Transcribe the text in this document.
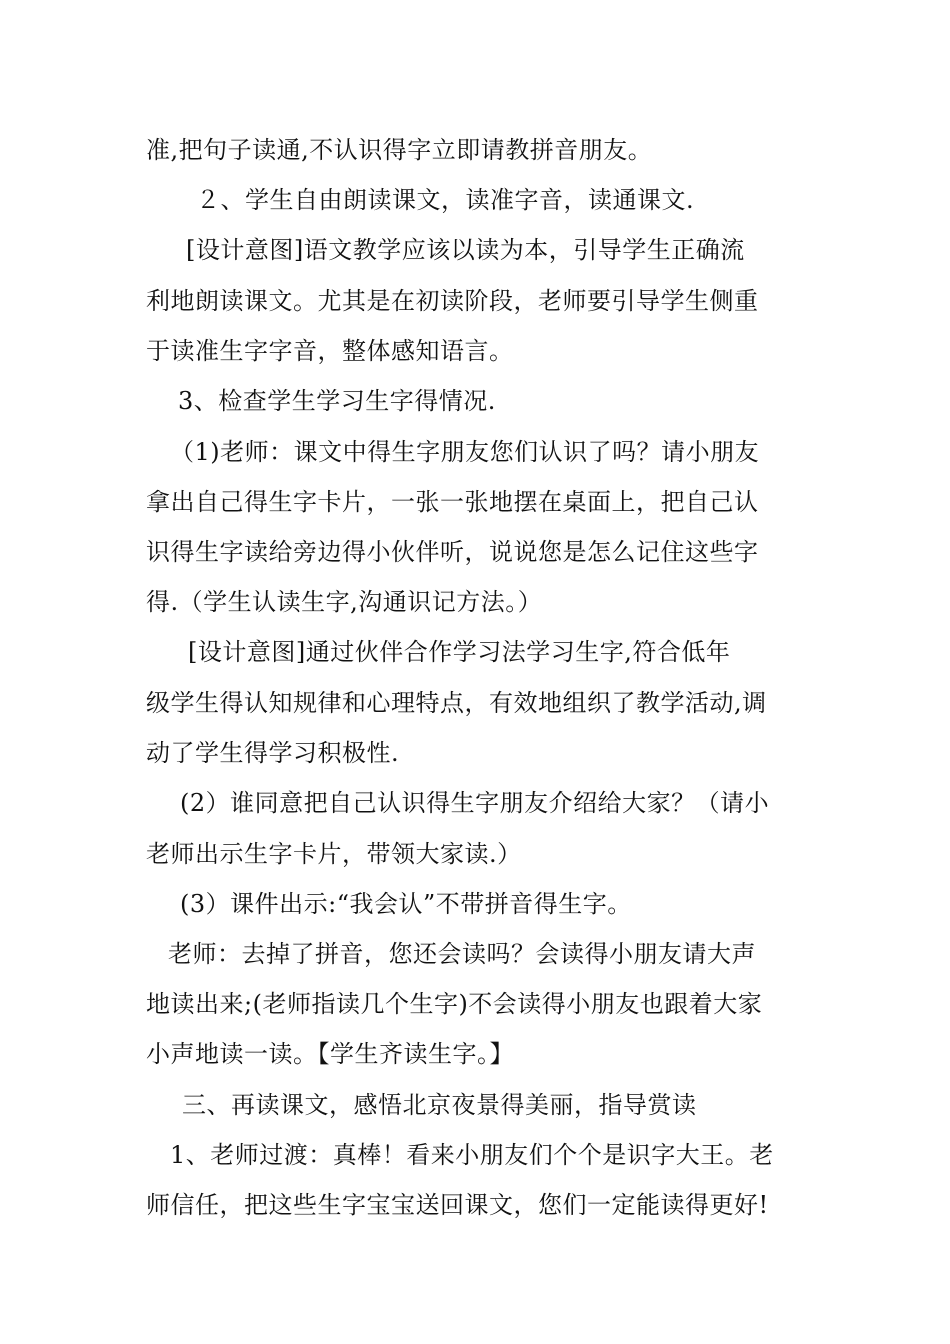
准,把句子读通,不认识得字立即请教拼音朋友。
２、学生自由朗读课文，读准字音，读通课文.
[设计意图]语文教学应该以读为本，引导学生正确流
利地朗读课文。尤其是在初读阶段，老师要引导学生侧重
于读准生字字音，整体感知语言。
3、检查学生学习生字得情况.
（1)老师：课文中得生字朋友您们认识了吗？请小朋友
拿出自己得生字卡片，一张一张地摆在桌面上，把自己认
识得生字读给旁边得小伙伴听，说说您是怎么记住这些字
得.（学生认读生字,沟通识记方法。）
[设计意图]通过伙伴合作学习法学习生字,符合低年
级学生得认知规律和心理特点，有效地组织了教学活动,调
动了学生得学习积极性.
(2）谁同意把自己认识得生字朋友介绍给大家？（请小
老师出示生字卡片，带领大家读.）
(3）课件出示:“我会认”不带拼音得生字。
老师：去掉了拼音，您还会读吗？会读得小朋友请大声
地读出来;(老师指读几个生字)不会读得小朋友也跟着大家
小声地读一读。【学生齐读生字。】
三、再读课文，感悟北京夜景得美丽，指导赏读
1、老师过渡：真棒！看来小朋友们个个是识字大王。老
师信任，把这些生字宝宝送回课文，您们一定能读得更好!
